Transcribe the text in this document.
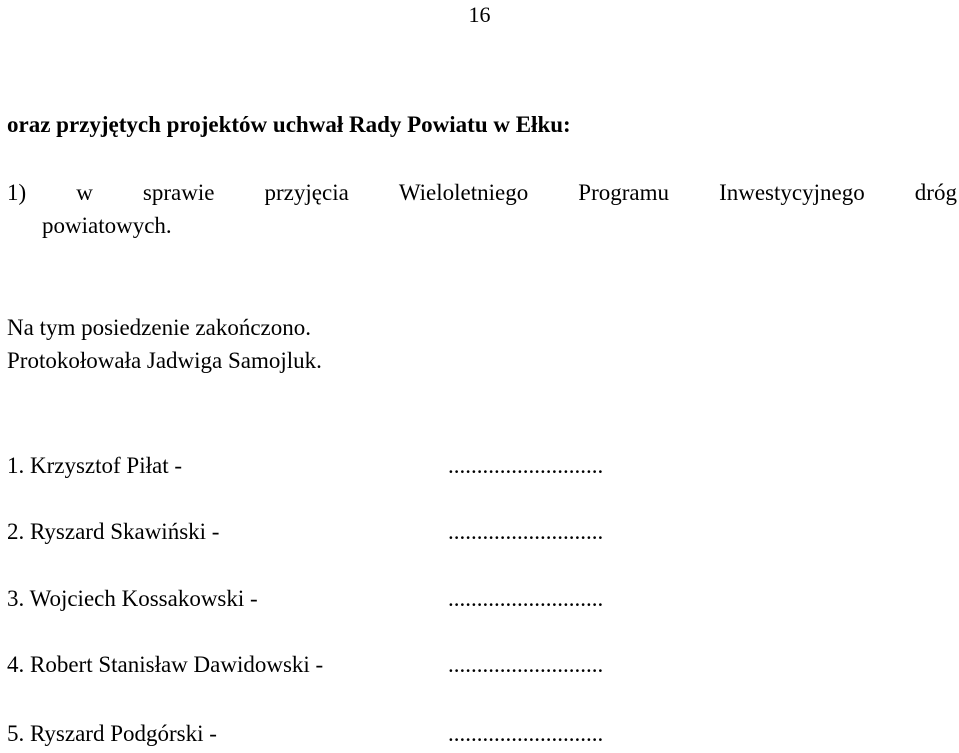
16
oraz przyjętych projektów uchwał Rady Powiatu w Ełku:
1) w sprawie przyjęcia Wieloletniego Programu Inwestycyjnego dróg
powiatowych.
Na tym posiedzenie zakończono.
Protokołowała Jadwiga Samojluk.
1. Krzysztof Piłat -	...........................
2. Ryszard Skawiński -	...........................
3. Wojciech Kossakowski -	...........................
4. Robert Stanisław Dawidowski -	...........................
5. Ryszard Podgórski -	...........................
